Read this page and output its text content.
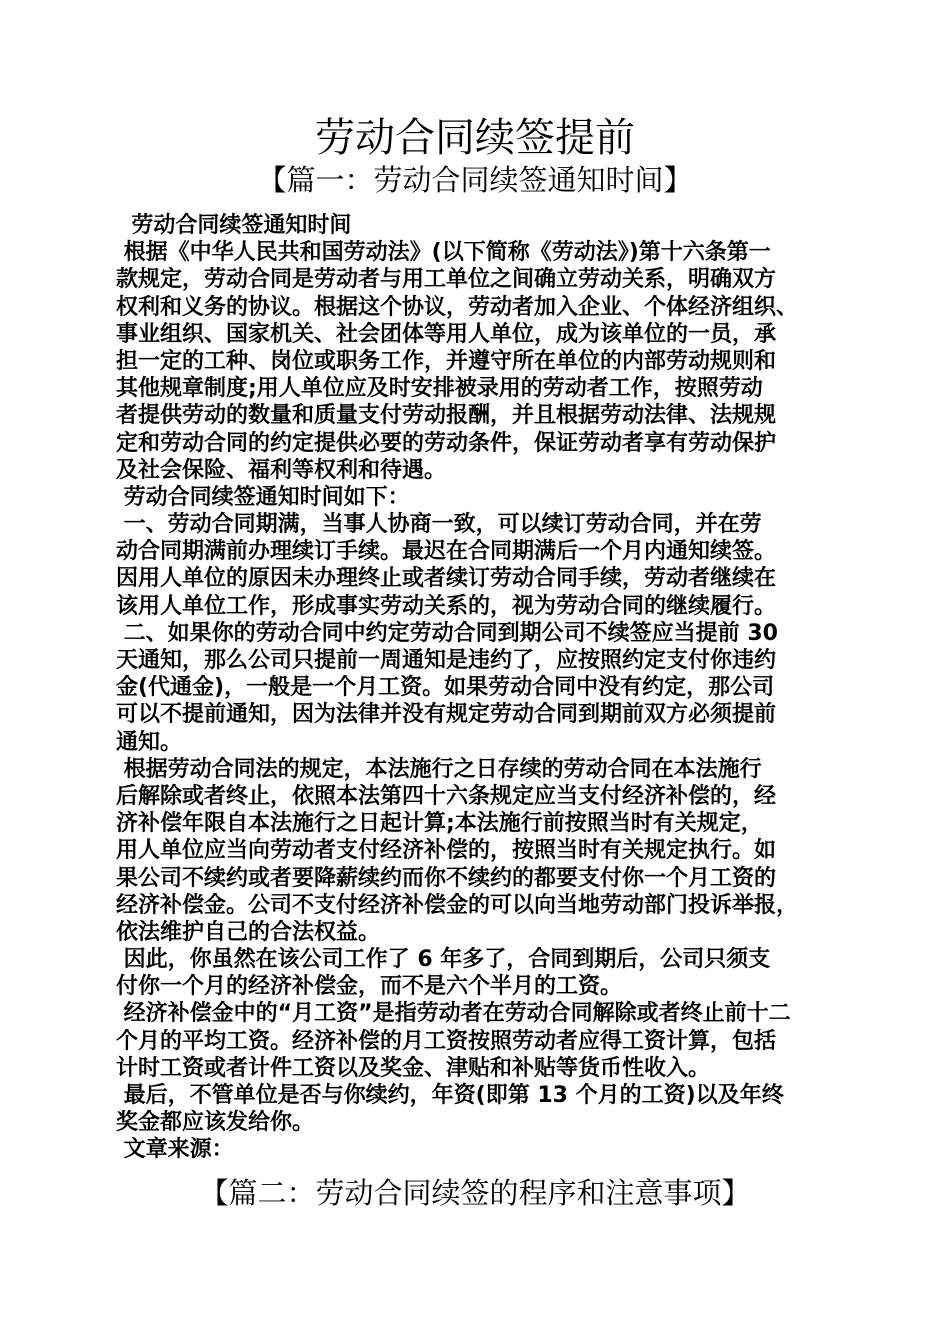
劳动合同续签提前
【篇一：劳动合同续签通知时间】
劳动合同续签通知时间
根据《中华人民共和国劳动法》(以下简称《劳动法》)第十六条第一
款规定，劳动合同是劳动者与用工单位之间确立劳动关系，明确双方
权利和义务的协议。根据这个协议，劳动者加入企业、个体经济组织、
事业组织、国家机关、社会团体等用人单位，成为该单位的一员，承
担一定的工种、岗位或职务工作，并遵守所在单位的内部劳动规则和
其他规章制度;用人单位应及时安排被录用的劳动者工作，按照劳动
者提供劳动的数量和质量支付劳动报酬，并且根据劳动法律、法规规
定和劳动合同的约定提供必要的劳动条件，保证劳动者享有劳动保护
及社会保险、福利等权利和待遇。
劳动合同续签通知时间如下：
一、劳动合同期满，当事人协商一致，可以续订劳动合同，并在劳
动合同期满前办理续订手续。最迟在合同期满后一个月内通知续签。
因用人单位的原因未办理终止或者续订劳动合同手续，劳动者继续在
该用人单位工作，形成事实劳动关系的，视为劳动合同的继续履行。
二、如果你的劳动合同中约定劳动合同到期公司不续签应当提前 30
天通知，那么公司只提前一周通知是违约了，应按照约定支付你违约
金(代通金)，一般是一个月工资。如果劳动合同中没有约定，那公司
可以不提前通知，因为法律并没有规定劳动合同到期前双方必须提前
通知。
根据劳动合同法的规定，本法施行之日存续的劳动合同在本法施行
后解除或者终止，依照本法第四十六条规定应当支付经济补偿的，经
济补偿年限自本法施行之日起计算;本法施行前按照当时有关规定，
用人单位应当向劳动者支付经济补偿的，按照当时有关规定执行。如
果公司不续约或者要降薪续约而你不续约的都要支付你一个月工资的
经济补偿金。公司不支付经济补偿金的可以向当地劳动部门投诉举报，
依法维护自己的合法权益。
因此，你虽然在该公司工作了 6 年多了，合同到期后，公司只须支
付你一个月的经济补偿金，而不是六个半月的工资。
经济补偿金中的“月工资”是指劳动者在劳动合同解除或者终止前十二
个月的平均工资。经济补偿的月工资按照劳动者应得工资计算，包括
计时工资或者计件工资以及奖金、津贴和补贴等货币性收入。
最后，不管单位是否与你续约，年资(即第 13 个月的工资)以及年终
奖金都应该发给你。
文章来源：
【篇二：劳动合同续签的程序和注意事项】
